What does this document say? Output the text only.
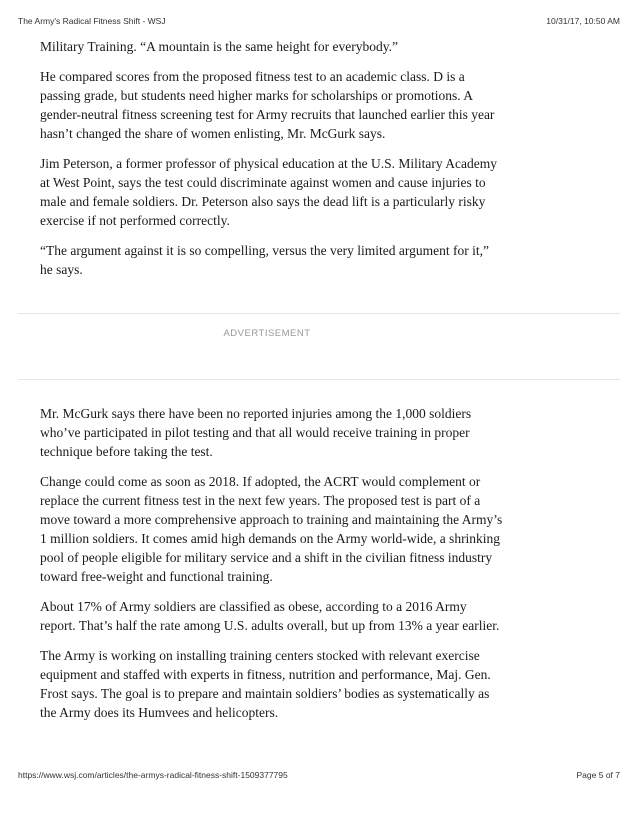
The Army's Radical Fitness Shift - WSJ	10/31/17, 10:50 AM

Military Training. “A mountain is the same height for everybody.”

He compared scores from the proposed fitness test to an academic class. D is a passing grade, but students need higher marks for scholarships or promotions. A gender-neutral fitness screening test for Army recruits that launched earlier this year hasn’t changed the share of women enlisting, Mr. McGurk says.

Jim Peterson, a former professor of physical education at the U.S. Military Academy at West Point, says the test could discriminate against women and cause injuries to male and female soldiers. Dr. Peterson also says the dead lift is a particularly risky exercise if not performed correctly.

“The argument against it is so compelling, versus the very limited argument for it,” he says.

ADVERTISEMENT

Mr. McGurk says there have been no reported injuries among the 1,000 soldiers who’ve participated in pilot testing and that all would receive training in proper technique before taking the test.

Change could come as soon as 2018. If adopted, the ACRT would complement or replace the current fitness test in the next few years. The proposed test is part of a move toward a more comprehensive approach to training and maintaining the Army’s 1 million soldiers. It comes amid high demands on the Army world-wide, a shrinking pool of people eligible for military service and a shift in the civilian fitness industry toward free-weight and functional training.

About 17% of Army soldiers are classified as obese, according to a 2016 Army report. That’s half the rate among U.S. adults overall, but up from 13% a year earlier.

The Army is working on installing training centers stocked with relevant exercise equipment and staffed with experts in fitness, nutrition and performance, Maj. Gen. Frost says. The goal is to prepare and maintain soldiers’ bodies as systematically as the Army does its Humvees and helicopters.

https://www.wsj.com/articles/the-armys-radical-fitness-shift-1509377795	Page 5 of 7
